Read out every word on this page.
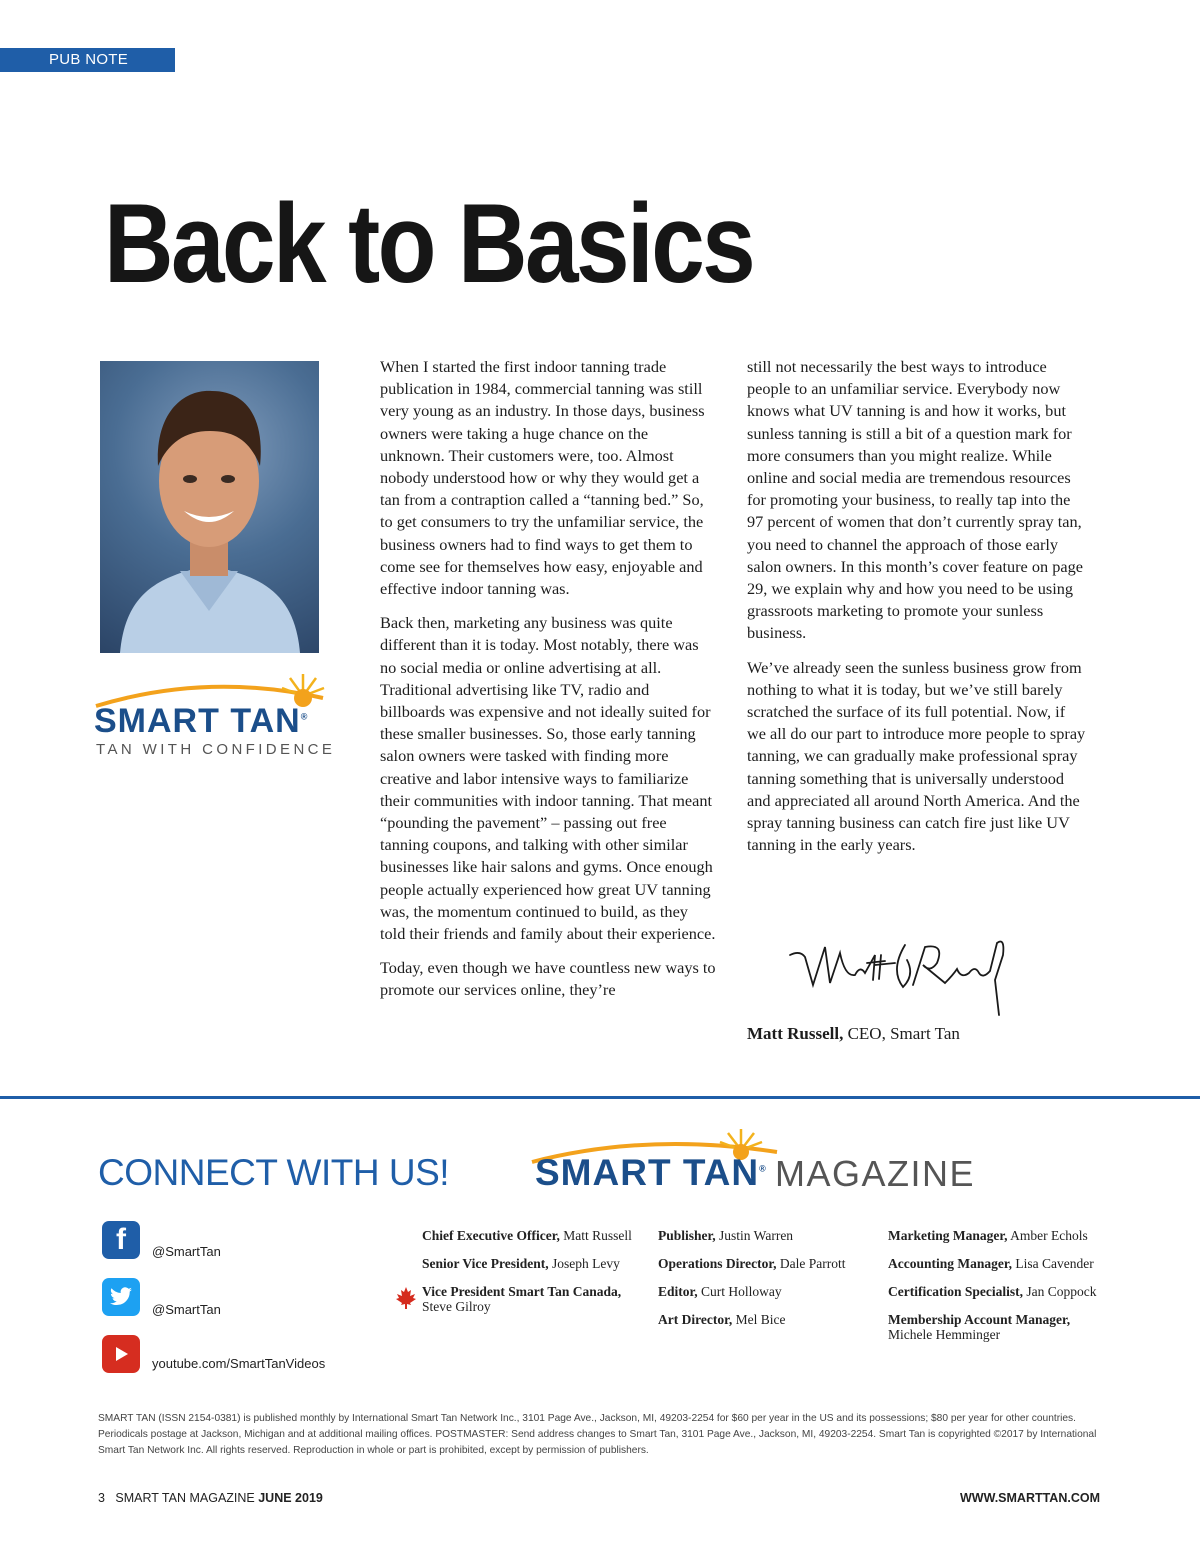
PUB NOTE
Back to Basics
SMART TAN®
TAN WITH CONFIDENCE

When I started the first indoor tanning trade publication in 1984, commercial tanning was still very young as an industry. In those days, business owners were taking a huge chance on the unknown. Their customers were, too. Almost nobody understood how or why they would get a tan from a contraption called a “tanning bed.” So, to get consumers to try the unfamiliar service, the business owners had to find ways to get them to come see for themselves how easy, enjoyable and effective indoor tanning was.

Back then, marketing any business was quite different than it is today. Most notably, there was no social media or online advertising at all. Traditional advertising like TV, radio and billboards was expensive and not ideally suited for these smaller businesses. So, those early tanning salon owners were tasked with finding more creative and labor intensive ways to familiarize their communities with indoor tanning. That meant “pounding the pavement” – passing out free tanning coupons, and talking with other similar businesses like hair salons and gyms. Once enough people actually experienced how great UV tanning was, the momentum continued to build, as they told their friends and family about their experience.

Today, even though we have countless new ways to promote our services online, they’re

still not necessarily the best ways to introduce people to an unfamiliar service. Everybody now knows what UV tanning is and how it works, but sunless tanning is still a bit of a question mark for more consumers than you might realize. While online and social media are tremendous resources for promoting your business, to really tap into the 97 percent of women that don’t currently spray tan, you need to channel the approach of those early salon owners. In this month’s cover feature on page 29, we explain why and how you need to be using grassroots marketing to promote your sunless business.

We’ve already seen the sunless business grow from nothing to what it is today, but we’ve still barely scratched the surface of its full potential. Now, if we all do our part to introduce more people to spray tanning, we can gradually make professional spray tanning something that is universally understood and appreciated all around North America. And the spray tanning business can catch fire just like UV tanning in the early years.

Matt Russell, CEO, Smart Tan
CONNECT WITH US! SMART TAN® MAGAZINE
f @SmartTan
@SmartTan
youtube.com/SmartTanVideos
Chief Executive Officer, Matt Russell
Senior Vice President, Joseph Levy
Vice President Smart Tan Canada,
Steve Gilroy
Publisher, Justin Warren
Operations Director, Dale Parrott
Editor, Curt Holloway
Art Director, Mel Bice
Marketing Manager, Amber Echols
Accounting Manager, Lisa Cavender
Certification Specialist, Jan Coppock
Membership Account Manager,
Michele Hemminger
SMART TAN (ISSN 2154-0381) is published monthly by International Smart Tan Network Inc., 3101 Page Ave., Jackson, MI, 49203-2254 for $60 per year in the US and its possessions; $80 per year for other countries. Periodicals postage at Jackson, Michigan and at additional mailing offices. POSTMASTER: Send address changes to Smart Tan, 3101 Page Ave., Jackson, MI, 49203-2254. Smart Tan is copyrighted ©2017 by International Smart Tan Network Inc. All rights reserved. Reproduction in whole or part is prohibited, except by permission of publishers.
3 SMART TAN MAGAZINE JUNE 2019	WWW.SMARTTAN.COM
